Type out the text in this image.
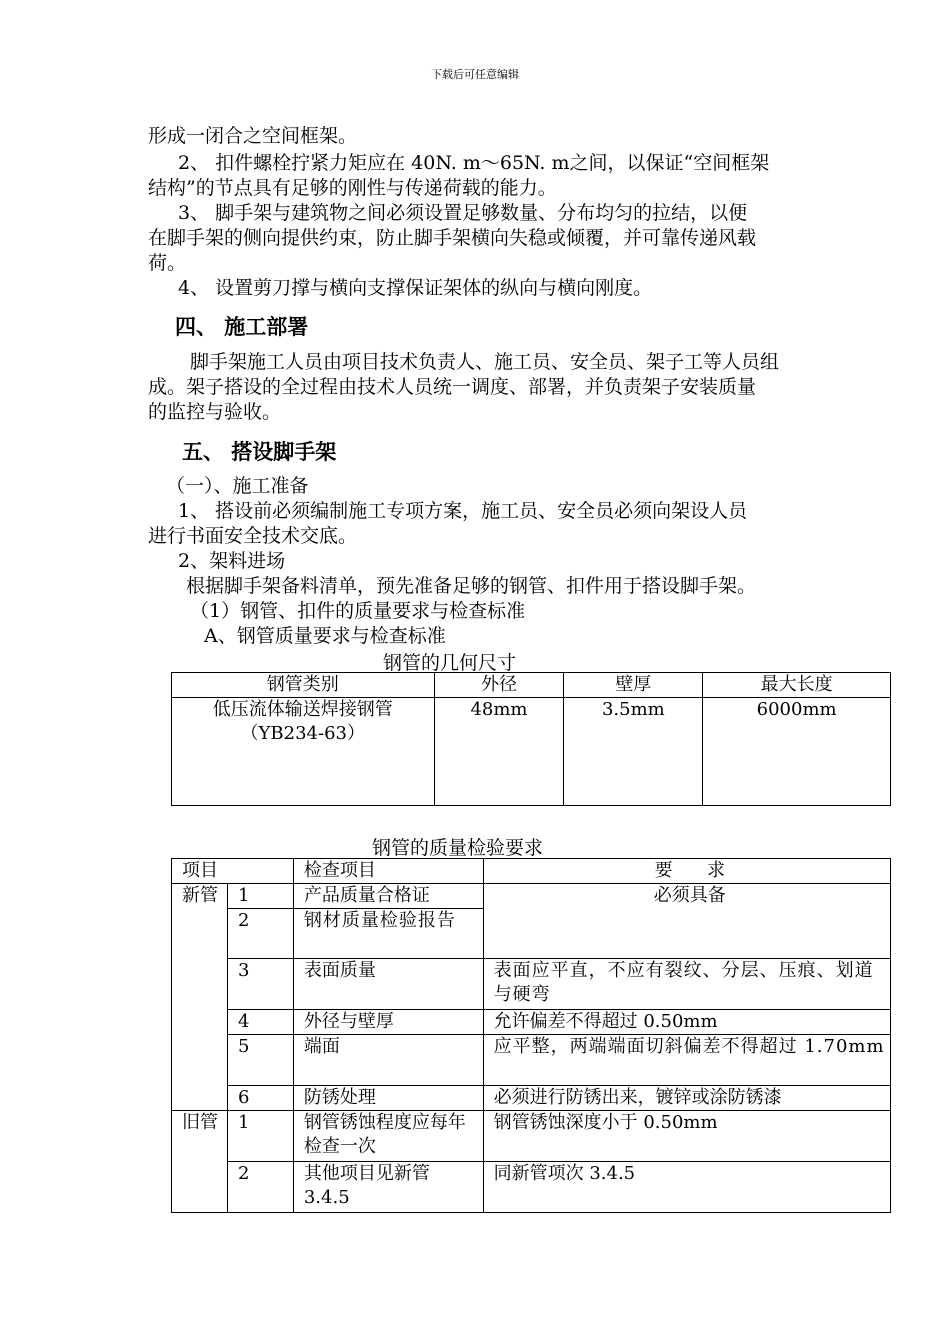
下载后可任意编辑
形成一闭合之空间框架。
2、 扣件螺栓拧紧力矩应在 40N. m～65N. m之间，以保证“空间框架
结构”的节点具有足够的刚性与传递荷载的能力。
3、 脚手架与建筑物之间必须设置足够数量、分布均匀的拉结，以便
在脚手架的侧向提供约束，防止脚手架横向失稳或倾覆，并可靠传递风载
荷。
4、 设置剪刀撑与横向支撑保证架体的纵向与横向刚度。
四、 施工部署
脚手架施工人员由项目技术负责人、施工员、安全员、架子工等人员组
成。架子搭设的全过程由技术人员统一调度、部署，并负责架子安装质量
的监控与验收。
五、 搭设脚手架
（一）、施工准备
1、 搭设前必须编制施工专项方案，施工员、安全员必须向架设人员
进行书面安全技术交底。
2、架料进场
根据脚手架备料清单，预先准备足够的钢管、扣件用于搭设脚手架。
（1）钢管、扣件的质量要求与检查标准
A、钢管质量要求与检查标准
钢管的几何尺寸
钢管类别	外径	壁厚	最大长度

低压流体输送焊接钢管
（YB234-63）	48mm	3.5mm	6000mm
钢管的质量检验要求
项目		检查项目	要      求
新管	1	产品质量合格证	必须具备
	2	钢材质量检验报告	
	3	表面质量	表面应平直，不应有裂纹、分层、压痕、划道与硬弯
	4	外径与壁厚	允许偏差不得超过 0.50mm
	5	端面	应平整，两端端面切斜偏差不得超过 1.70mm
	6	防锈处理	必须进行防锈出来，镀锌或涂防锈漆
旧管	1	钢管锈蚀程度应每年检查一次	钢管锈蚀深度小于 0.50mm
	2	其他项目见新管 3.4.5	同新管项次 3.4.5
